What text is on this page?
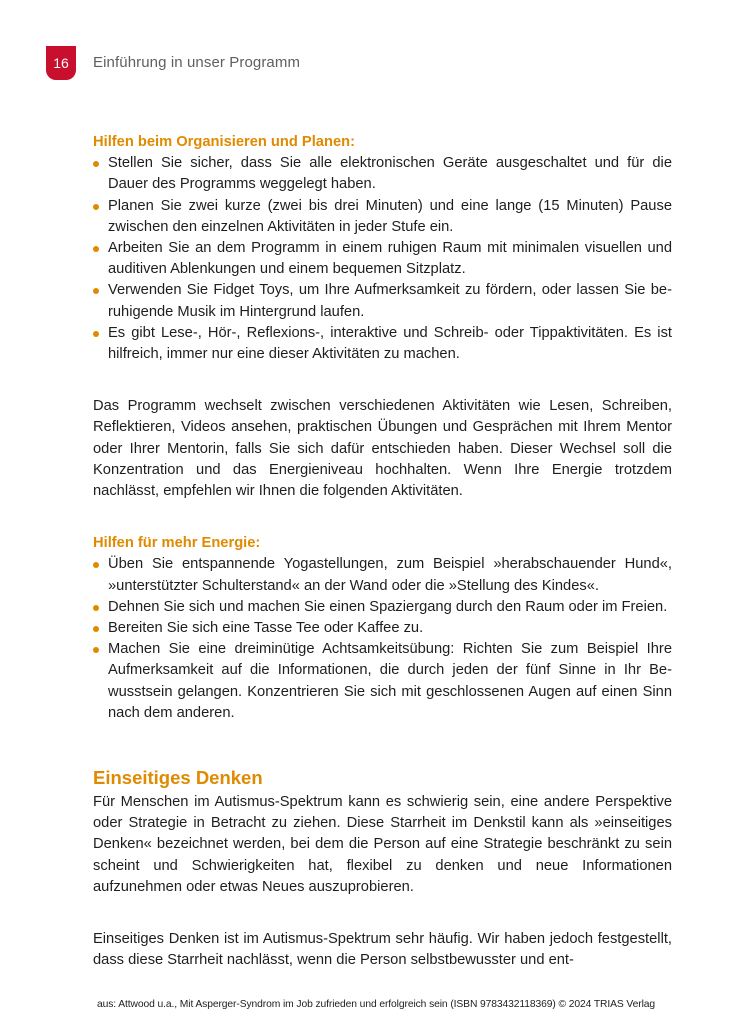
16 Einführung in unser Programm

Hilfen beim Organisieren und Planen:

Stellen Sie sicher, dass Sie alle elektronischen Geräte ausgeschaltet und für die Dauer des Programms weggelegt haben.
Planen Sie zwei kurze (zwei bis drei Minuten) und eine lange (15 Minuten) Pause zwischen den einzelnen Aktivitäten in jeder Stufe ein.
Arbeiten Sie an dem Programm in einem ruhigen Raum mit minimalen visuellen und auditiven Ablenkungen und einem bequemen Sitzplatz.
Verwenden Sie Fidget Toys, um Ihre Aufmerksamkeit zu fördern, oder lassen Sie beruhigende Musik im Hintergrund laufen.
Es gibt Lese-, Hör-, Reflexions-, interaktive und Schreib- oder Tippaktivitäten. Es ist hilfreich, immer nur eine dieser Aktivitäten zu machen.

Das Programm wechselt zwischen verschiedenen Aktivitäten wie Lesen, Schreiben, Reflektieren, Videos ansehen, praktischen Übungen und Gesprächen mit Ihrem Mentor oder Ihrer Mentorin, falls Sie sich dafür entschieden haben. Dieser Wechsel soll die Konzentration und das Energieniveau hochhalten. Wenn Ihre Energie trotzdem nachlässt, empfehlen wir Ihnen die folgenden Aktivitäten.

Hilfen für mehr Energie:

Üben Sie entspannende Yogastellungen, zum Beispiel »herabschauender Hund«, »unterstützter Schulterstand« an der Wand oder die »Stellung des Kindes«.
Dehnen Sie sich und machen Sie einen Spaziergang durch den Raum oder im Freien.
Bereiten Sie sich eine Tasse Tee oder Kaffee zu.
Machen Sie eine dreiminütige Achtsamkeitsübung: Richten Sie zum Beispiel Ihre Aufmerksamkeit auf die Informationen, die durch jeden der fünf Sinne in Ihr Bewusstsein gelangen. Konzentrieren Sie sich mit geschlossenen Augen auf einen Sinn nach dem anderen.
Einseitiges Denken

Für Menschen im Autismus-Spektrum kann es schwierig sein, eine andere Perspektive oder Strategie in Betracht zu ziehen. Diese Starrheit im Denkstil kann als »einseitiges Denken« bezeichnet werden, bei dem die Person auf eine Strategie beschränkt zu sein scheint und Schwierigkeiten hat, flexibel zu denken und neue Informationen aufzunehmen oder etwas Neues auszuprobieren.

Einseitiges Denken ist im Autismus-Spektrum sehr häufig. Wir haben jedoch festgestellt, dass diese Starrheit nachlässt, wenn die Person selbstbewusster und ent-

aus: Attwood u.a., Mit Asperger-Syndrom im Job zufrieden und erfolgreich sein (ISBN 9783432118369) © 2024 TRIAS Verlag
